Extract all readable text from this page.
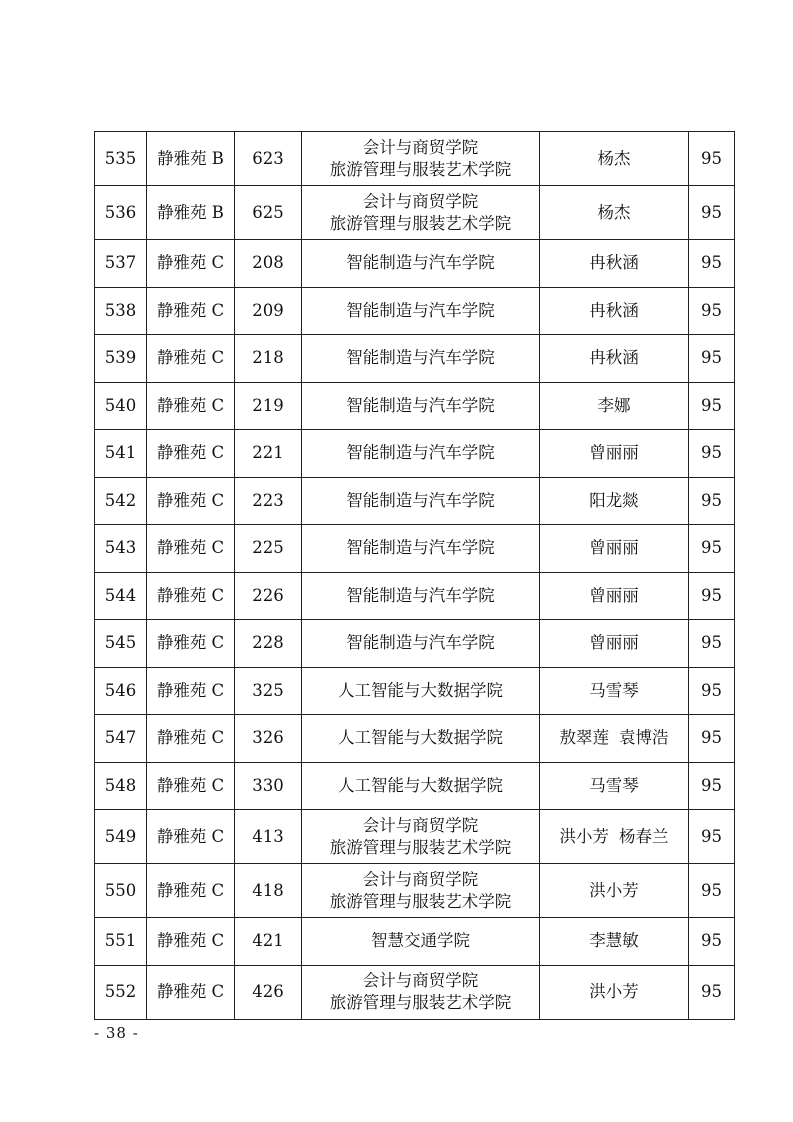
535	静雅苑 B	623	会计与商贸学院
旅游管理与服装艺术学院	杨杰	95
536	静雅苑 B	625	会计与商贸学院
旅游管理与服装艺术学院	杨杰	95
537	静雅苑 C	208	智能制造与汽车学院	冉秋涵	95
538	静雅苑 C	209	智能制造与汽车学院	冉秋涵	95
539	静雅苑 C	218	智能制造与汽车学院	冉秋涵	95
540	静雅苑 C	219	智能制造与汽车学院	李娜	95
541	静雅苑 C	221	智能制造与汽车学院	曾丽丽	95
542	静雅苑 C	223	智能制造与汽车学院	阳龙燚	95
543	静雅苑 C	225	智能制造与汽车学院	曾丽丽	95
544	静雅苑 C	226	智能制造与汽车学院	曾丽丽	95
545	静雅苑 C	228	智能制造与汽车学院	曾丽丽	95
546	静雅苑 C	325	人工智能与大数据学院	马雪琴	95
547	静雅苑 C	326	人工智能与大数据学院	敖翠莲 袁博浩	95
548	静雅苑 C	330	人工智能与大数据学院	马雪琴	95
549	静雅苑 C	413	会计与商贸学院
旅游管理与服装艺术学院	洪小芳 杨春兰	95
550	静雅苑 C	418	会计与商贸学院
旅游管理与服装艺术学院	洪小芳	95
551	静雅苑 C	421	智慧交通学院	李慧敏	95
552	静雅苑 C	426	会计与商贸学院
旅游管理与服装艺术学院	洪小芳	95
- 38 -
